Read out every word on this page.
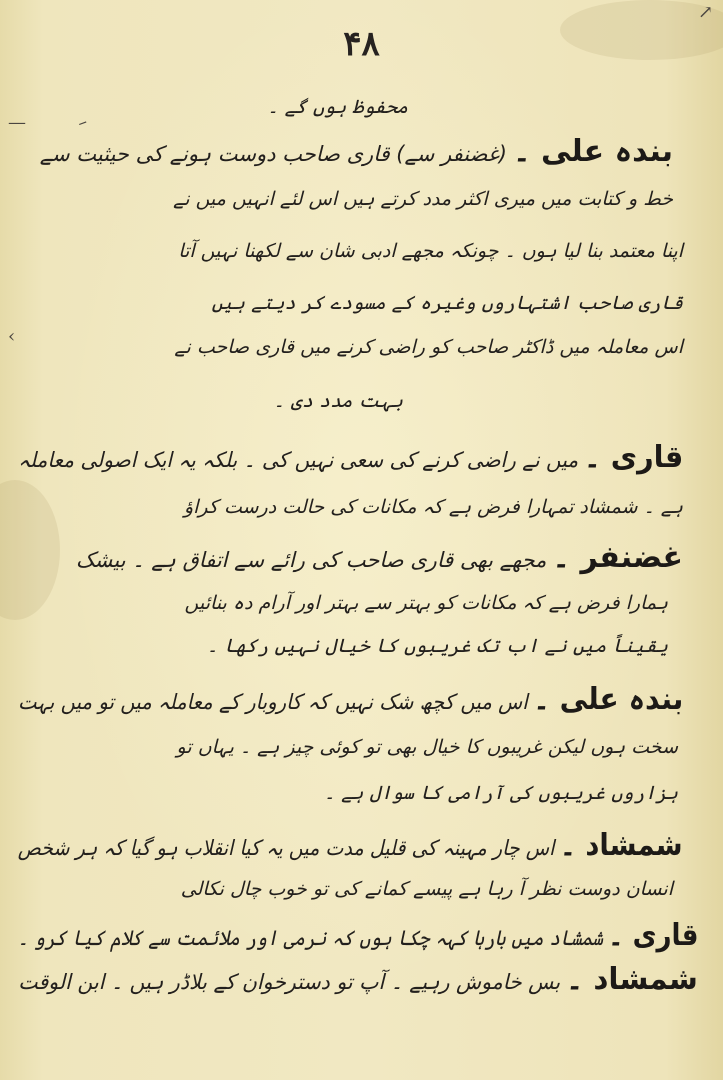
۴۸
↗
—
‹
–
محفوظ ہوں گے ۔
بندہ علی ۔(غضنفر سے) قاری صاحب دوست ہونے کی حیثیت سے
خط و کتابت میں میری اکثر مدد کرتے ہیں اس لئے انہیں میں نے
اپنا معتمد بنا لیا ہوں ۔ چونکہ مجھے ادبی شان سے لکھنا نہیں آتا
قاری صاحب اشتہاروں وغیرہ کے مسودے کر دیتے ہیں
اس معاملہ میں ڈاکٹر صاحب کو راضی کرنے میں قاری صاحب نے
بہت مدد دی ۔
قاری ۔میں نے راضی کرنے کی سعی نہیں کی ۔ بلکہ یہ ایک اصولی معاملہ
ہے ۔ شمشاد تمہارا فرض ہے کہ مکانات کی حالت درست کراؤ
غضنفر ۔مجھے بھی قاری صاحب کی رائے سے اتفاق ہے ۔ بیشک
ہمارا فرض ہے کہ مکانات کو بہتر سے بہتر اور آرام دہ بنائیں
یقیناً میں نے اب تک غریبوں کا خیال نہیں رکھا ۔
بندہ علی ۔اس میں کچھ شک نہیں کہ کاروبار کے معاملہ میں تو میں بہت
سخت ہوں لیکن غریبوں کا خیال بھی تو کوئی چیز ہے ۔ یہاں تو
ہزاروں غریبوں کی آرامی کا سوال ہے ۔
شمشاد ۔اس چار مہینہ کی قلیل مدت میں یہ کیا انقلاب ہو گیا کہ ہر شخص
انسان دوست نظر آ رہا ہے پیسے کمانے کی تو خوب چال نکالی
قاری ۔شمشاد میں بارہا کہہ چکا ہوں کہ نرمی اور ملائمت سے کلام کیا کرو ۔
شمشاد ۔بس خاموش رہیے ۔ آپ تو دسترخوان کے بلاڈر ہیں ۔ ابن الوقت
